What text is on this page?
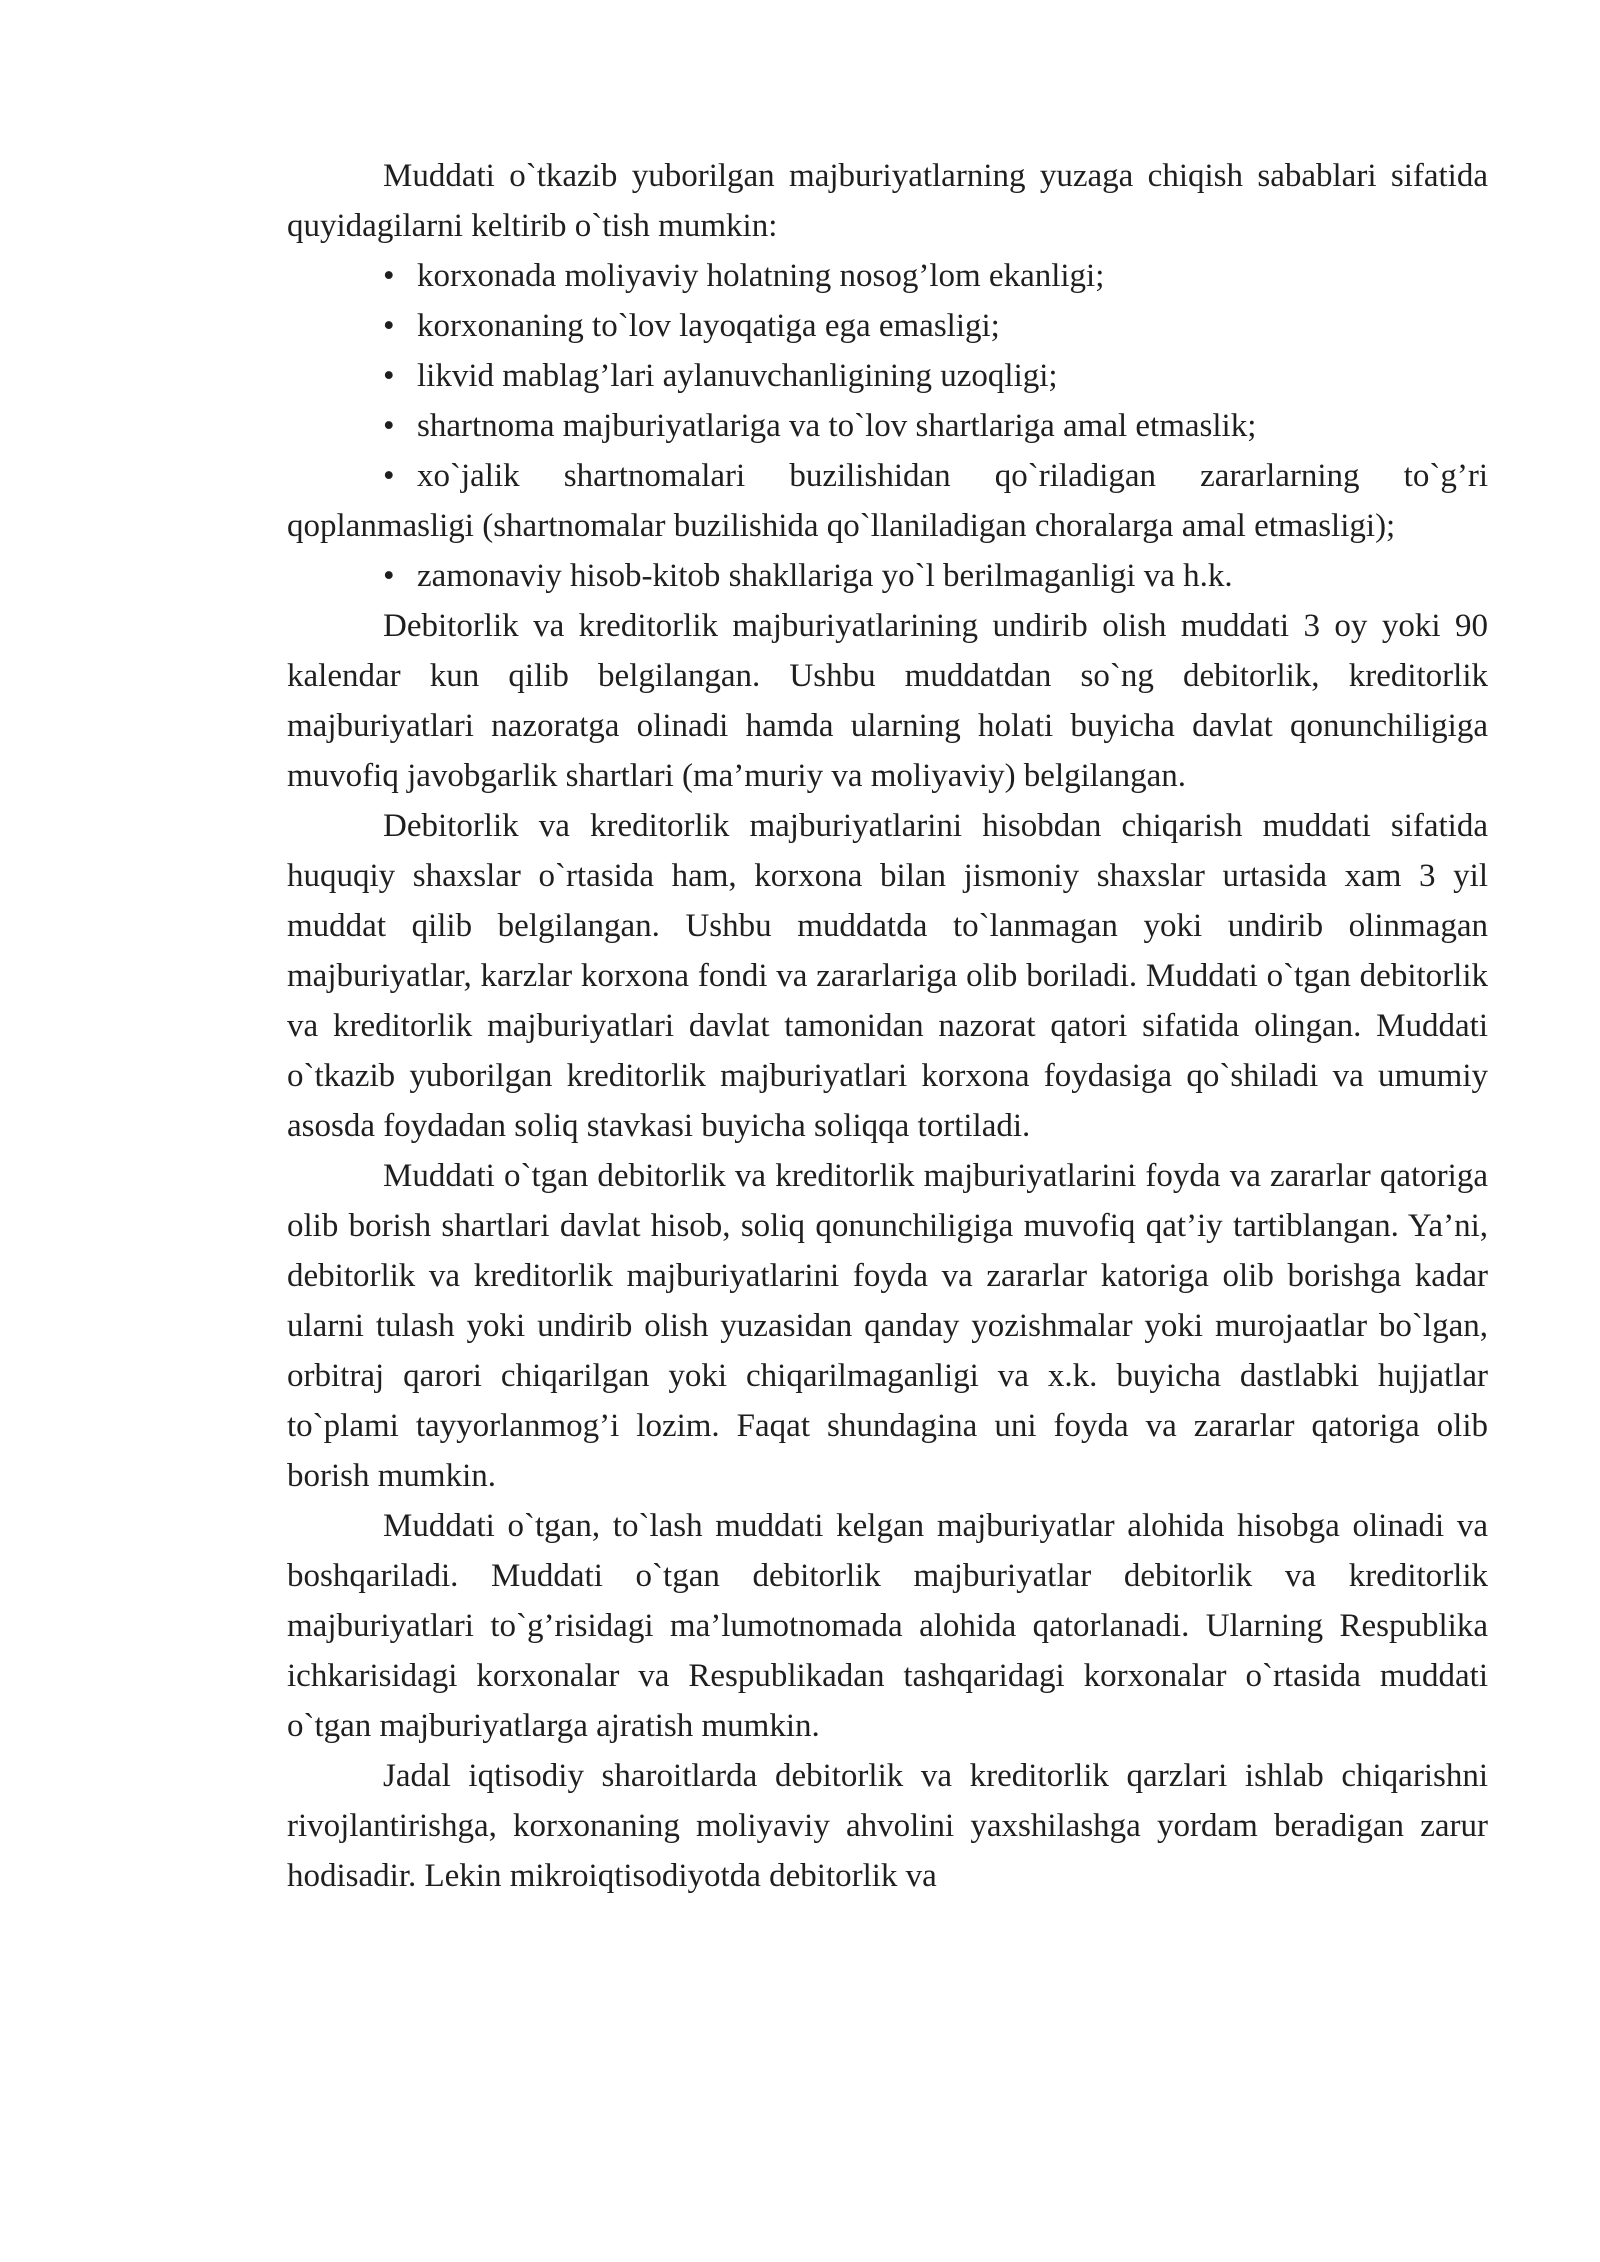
Muddati o`tkazib yuborilgan majburiyatlarning yuzaga chiqish sabablari sifatida quyidagilarni keltirib o`tish mumkin:

• korxonada moliyaviy holatning nosog’lom ekanligi;
• korxonaning to`lov layoqatiga ega emasligi;
• likvid mablag’lari aylanuvchanligining uzoqligi;
• shartnoma majburiyatlariga va to`lov shartlariga amal etmaslik;
• xo`jalik shartnomalari buzilishidan qo`riladigan zararlarning to`g’ri qoplanmasligi (shartnomalar buzilishida qo`llaniladigan choralarga amal etmasligi);
• zamonaviy hisob-kitob shakllariga yo`l berilmaganligi va h.k.

Debitorlik va kreditorlik majburiyatlarining undirib olish muddati 3 oy yoki 90 kalendar kun qilib belgilangan. Ushbu muddatdan so`ng debitorlik, kreditorlik majburiyatlari nazoratga olinadi hamda ularning holati buyicha davlat qonunchiligiga muvofiq javobgarlik shartlari (ma’muriy va moliyaviy) belgilangan.

Debitorlik va kreditorlik majburiyatlarini hisobdan chiqarish muddati sifatida huquqiy shaxslar o`rtasida ham, korxona bilan jismoniy shaxslar urtasida xam 3 yil muddat qilib belgilangan. Ushbu muddatda to`lanmagan yoki undirib olinmagan majburiyatlar, karzlar korxona fondi va zararlariga olib boriladi. Muddati o`tgan debitorlik va kreditorlik majburiyatlari davlat tamonidan nazorat qatori sifatida olingan. Muddati o`tkazib yuborilgan kreditorlik majburiyatlari korxona foydasiga qo`shiladi va umumiy asosda foydadan soliq stavkasi buyicha soliqqa tortiladi.

Muddati o`tgan debitorlik va kreditorlik majburiyatlarini foyda va zararlar qatoriga olib borish shartlari davlat hisob, soliq qonunchiligiga muvofiq qat’iy tartiblangan. Ya’ni, debitorlik va kreditorlik majburiyatlarini foyda va zararlar katoriga olib borishga kadar ularni tulash yoki undirib olish yuzasidan qanday yozishmalar yoki murojaatlar bo`lgan, orbitraj qarori chiqarilgan yoki chiqarilmaganligi va x.k. buyicha dastlabki hujjatlar to`plami tayyorlanmog’i lozim. Faqat shundagina uni foyda va zararlar qatoriga olib borish mumkin.

Muddati o`tgan, to`lash muddati kelgan majburiyatlar alohida hisobga olinadi va boshqariladi. Muddati o`tgan debitorlik majburiyatlar debitorlik va kreditorlik majburiyatlari to`g’risidagi ma’lumotnomada alohida qatorlanadi. Ularning Respublika ichkarisidagi korxonalar va Respublikadan tashqaridagi korxonalar o`rtasida muddati o`tgan majburiyatlarga ajratish mumkin.

Jadal iqtisodiy sharoitlarda debitorlik va kreditorlik qarzlari ishlab chiqarishni rivojlantirishga, korxonaning moliyaviy ahvolini yaxshilashga yordam beradigan zarur hodisadir. Lekin mikroiqtisodiyotda debitorlik va
